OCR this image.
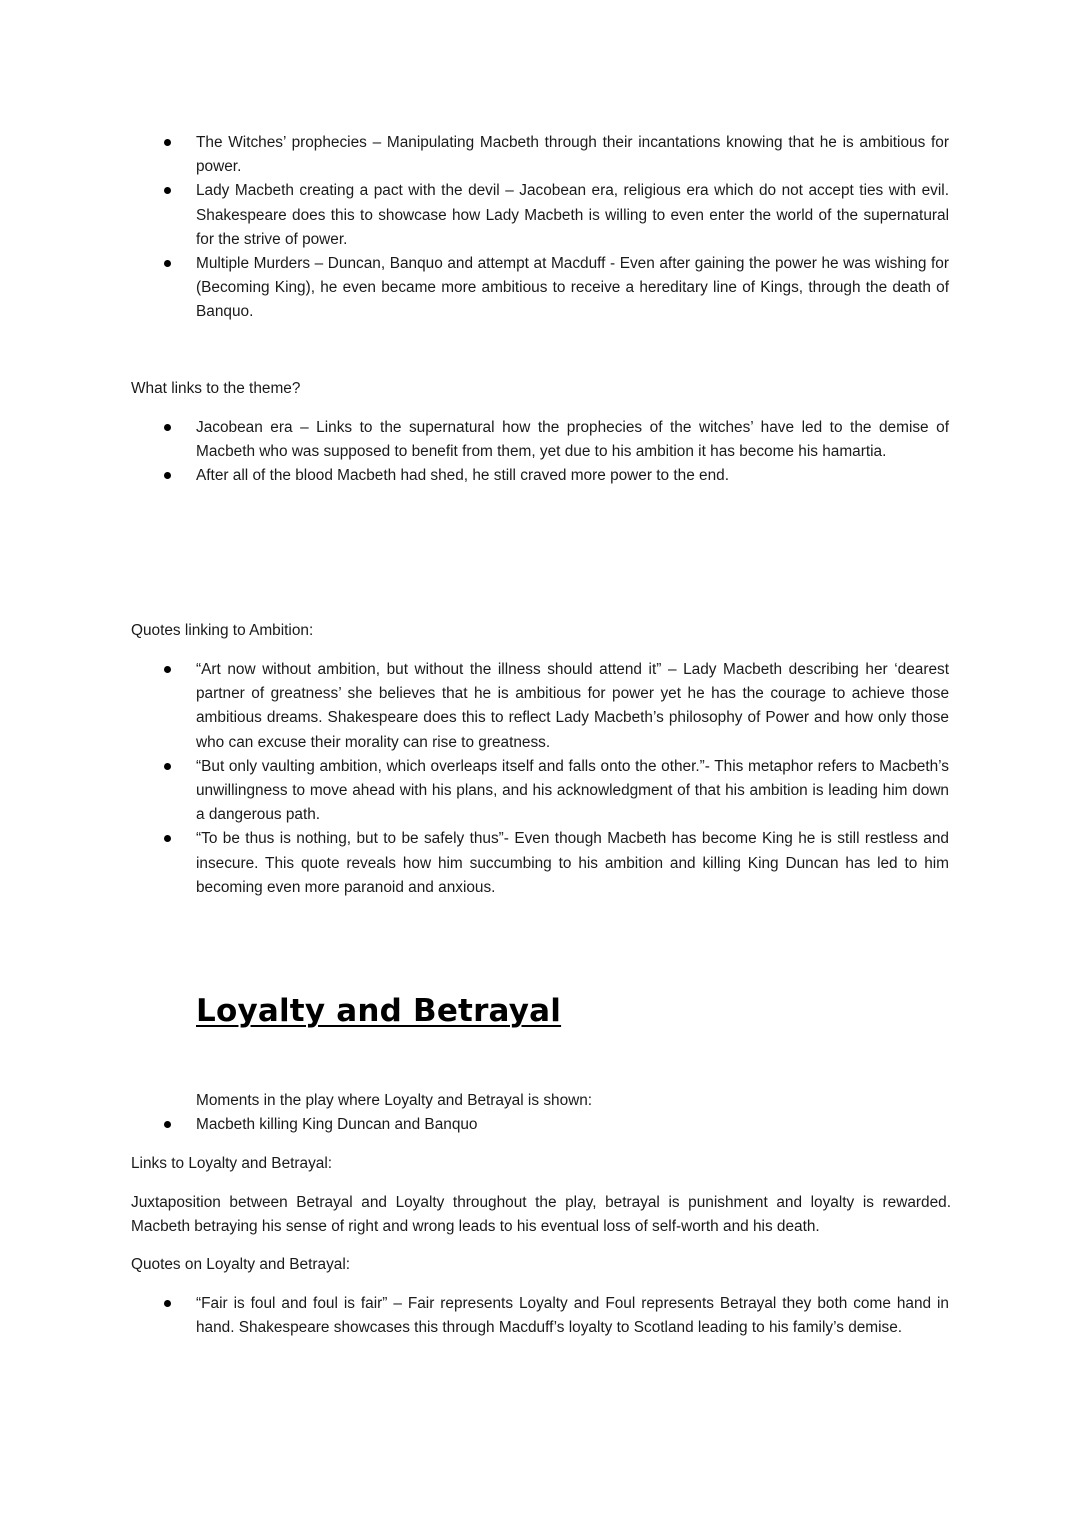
The Witches’ prophecies – Manipulating Macbeth through their incantations knowing that he is ambitious for power.
Lady Macbeth creating a pact with the devil – Jacobean era, religious era which do not accept ties with evil. Shakespeare does this to showcase how Lady Macbeth is willing to even enter the world of the supernatural for the strive of power.
Multiple Murders – Duncan, Banquo and attempt at Macduff - Even after gaining the power he was wishing for (Becoming King), he even became more ambitious to receive a hereditary line of Kings, through the death of Banquo.
What links to the theme?
Jacobean era – Links to the supernatural how the prophecies of the witches’ have led to the demise of Macbeth who was supposed to benefit from them, yet due to his ambition it has become his hamartia.
After all of the blood Macbeth had shed, he still craved more power to the end.
Quotes linking to Ambition:
“Art now without ambition, but without the illness should attend it” – Lady Macbeth describing her ‘dearest partner of greatness’ she believes that he is ambitious for power yet he has the courage to achieve those ambitious dreams. Shakespeare does this to reflect Lady Macbeth’s philosophy of Power and how only those who can excuse their morality can rise to greatness.
“But only vaulting ambition, which overleaps itself and falls onto the other.”- This metaphor refers to Macbeth’s unwillingness to move ahead with his plans, and his acknowledgment of that his ambition is leading him down a dangerous path.
“To be thus is nothing, but to be safely thus”- Even though Macbeth has become King he is still restless and insecure. This quote reveals how him succumbing to his ambition and killing King Duncan has led to him becoming even more paranoid and anxious.
Loyalty and Betrayal
Moments in the play where Loyalty and Betrayal is shown:
Macbeth killing King Duncan and Banquo
Links to Loyalty and Betrayal:
Juxtaposition between Betrayal and Loyalty throughout the play, betrayal is punishment and loyalty is rewarded. Macbeth betraying his sense of right and wrong leads to his eventual loss of self-worth and his death.
Quotes on Loyalty and Betrayal:
“Fair is foul and foul is fair” – Fair represents Loyalty and Foul represents Betrayal they both come hand in hand. Shakespeare showcases this through Macduff’s loyalty to Scotland leading to his family’s demise.
